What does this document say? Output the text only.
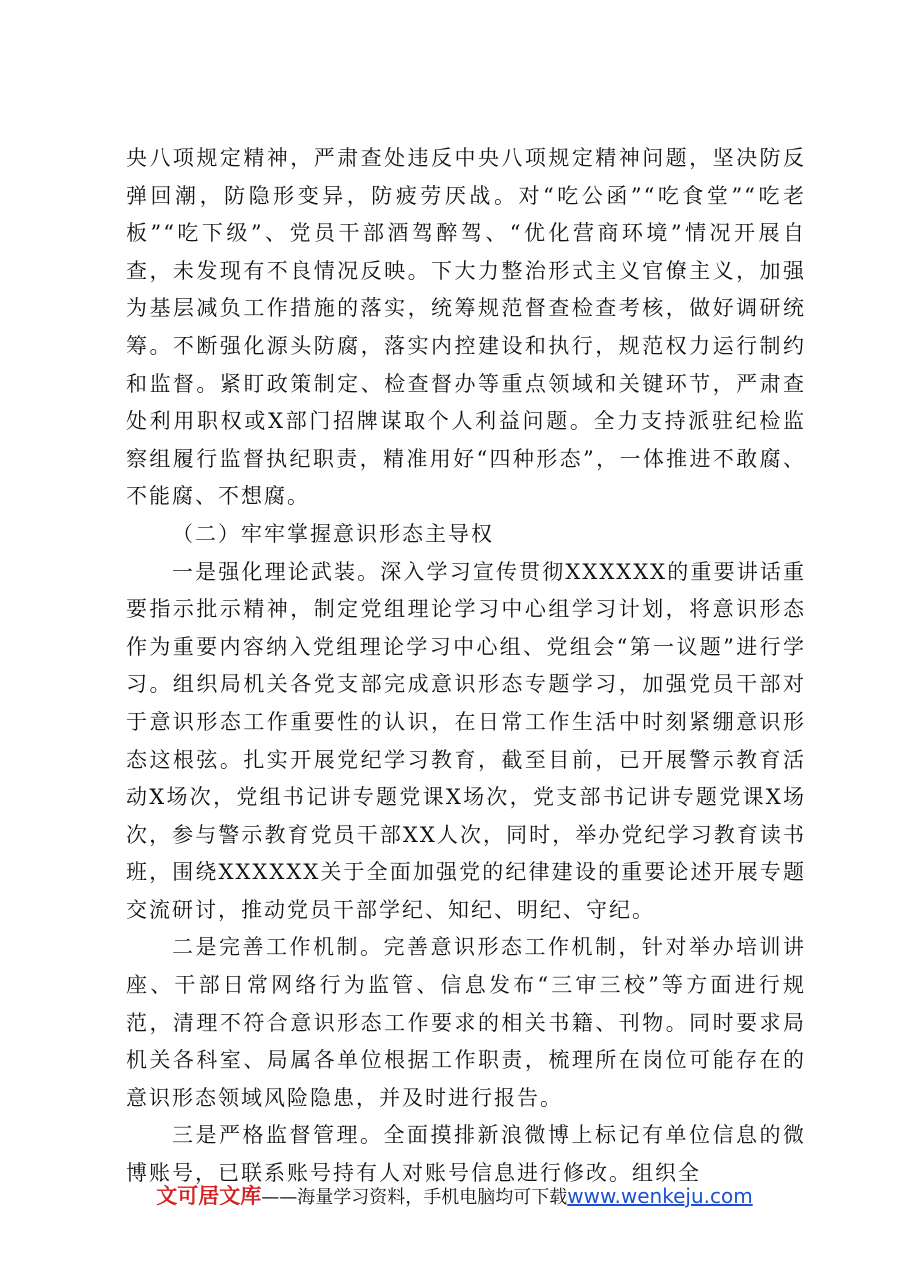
央八项规定精神，严肃查处违反中央八项规定精神问题，坚决防反弹回潮，防隐形变异，防疲劳厌战。对“吃公函”“吃食堂”“吃老板”“吃下级”、党员干部酒驾醉驾、“优化营商环境”情况开展自查，未发现有不良情况反映。下大力整治形式主义官僚主义，加强为基层减负工作措施的落实，统筹规范督查检查考核，做好调研统筹。不断强化源头防腐，落实内控建设和执行，规范权力运行制约和监督。紧盯政策制定、检查督办等重点领域和关键环节，严肃查处利用职权或X部门招牌谋取个人利益问题。全力支持派驻纪检监察组履行监督执纪职责，精准用好“四种形态”，一体推进不敢腐、不能腐、不想腐。

（二）牢牢掌握意识形态主导权

一是强化理论武装。深入学习宣传贯彻XXXXXX的重要讲话重要指示批示精神，制定党组理论学习中心组学习计划，将意识形态作为重要内容纳入党组理论学习中心组、党组会“第一议题”进行学习。组织局机关各党支部完成意识形态专题学习，加强党员干部对于意识形态工作重要性的认识，在日常工作生活中时刻紧绷意识形态这根弦。扎实开展党纪学习教育，截至目前，已开展警示教育活动X场次，党组书记讲专题党课X场次，党支部书记讲专题党课X场次，参与警示教育党员干部XX人次，同时，举办党纪学习教育读书班，围绕XXXXXX关于全面加强党的纪律建设的重要论述开展专题交流研讨，推动党员干部学纪、知纪、明纪、守纪。

二是完善工作机制。完善意识形态工作机制，针对举办培训讲座、干部日常网络行为监管、信息发布“三审三校”等方面进行规范，清理不符合意识形态工作要求的相关书籍、刊物。同时要求局机关各科室、局属各单位根据工作职责，梳理所在岗位可能存在的意识形态领域风险隐患，并及时进行报告。

三是严格监督管理。全面摸排新浪微博上标记有单位信息的微博账号，已联系账号持有人对账号信息进行修改。组织全

文可居文库——海量学习资料，手机电脑均可下载www.wenkeju.com
